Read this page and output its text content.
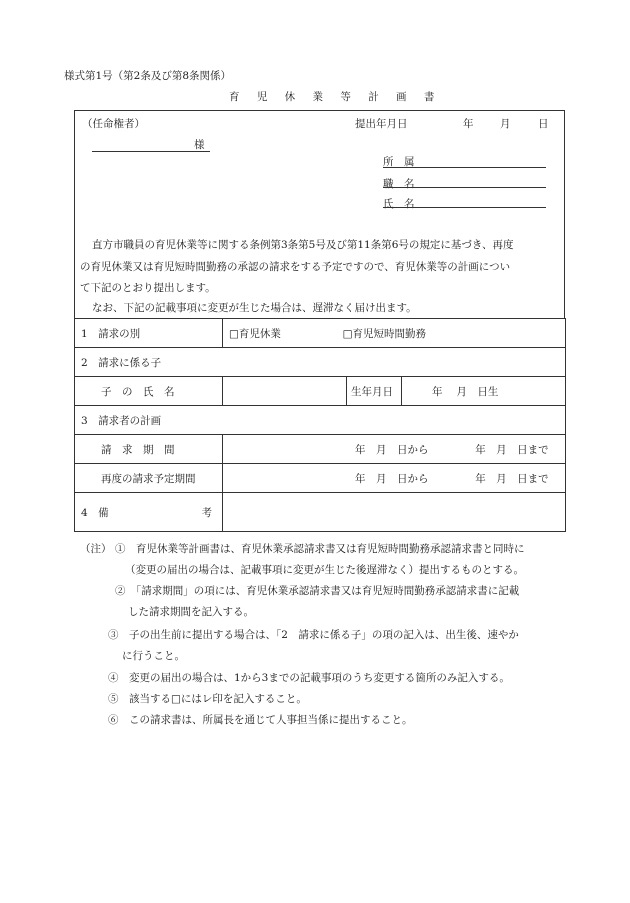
様式第1号（第2条及び第8条関係）
育 児 休 業 等 計 画 書
（任命権者）	提出年月日	年	月	日
様
所　属
職　名
氏　名
直方市職員の育児休業等に関する条例第3条第5号及び第11条第6号の規定に基づき、再度
の育児休業又は育児短時間勤務の承認の請求をする予定ですので、育児休業等の計画につい
て下記のとおり提出します。
なお、下記の記載事項に変更が生じた場合は、遅滞なく届け出ます。
1　請求の別	□育児休業 □育児短時間勤務		
2　請求に係る子			
子　の　氏　名		生年月日	年　 月　日生
3　請求者の計画			
請　求　期　間	年　月　日から 年　月　日まで		
再度の請求予定期間	年　月　日から 年　月　日まで		
4　備 考			

（注） ①　育児休業等計画書は、育児休業承認請求書又は育児短時間勤務承認請求書と同時に
（変更の届出の場合は、記載事項に変更が生じた後遅滞なく）提出するものとする。
②　「請求期間」の項には、育児休業承認請求書又は育児短時間勤務承認請求書に記載
した請求期間を記入する。
③　子の出生前に提出する場合は、「2　請求に係る子」の項の記入は、出生後、速やか
に行うこと。
④　変更の届出の場合は、1から3までの記載事項のうち変更する箇所のみ記入する。
⑤　該当する□にはレ印を記入すること。
⑥　この請求書は、所属長を通じて人事担当係に提出すること。
